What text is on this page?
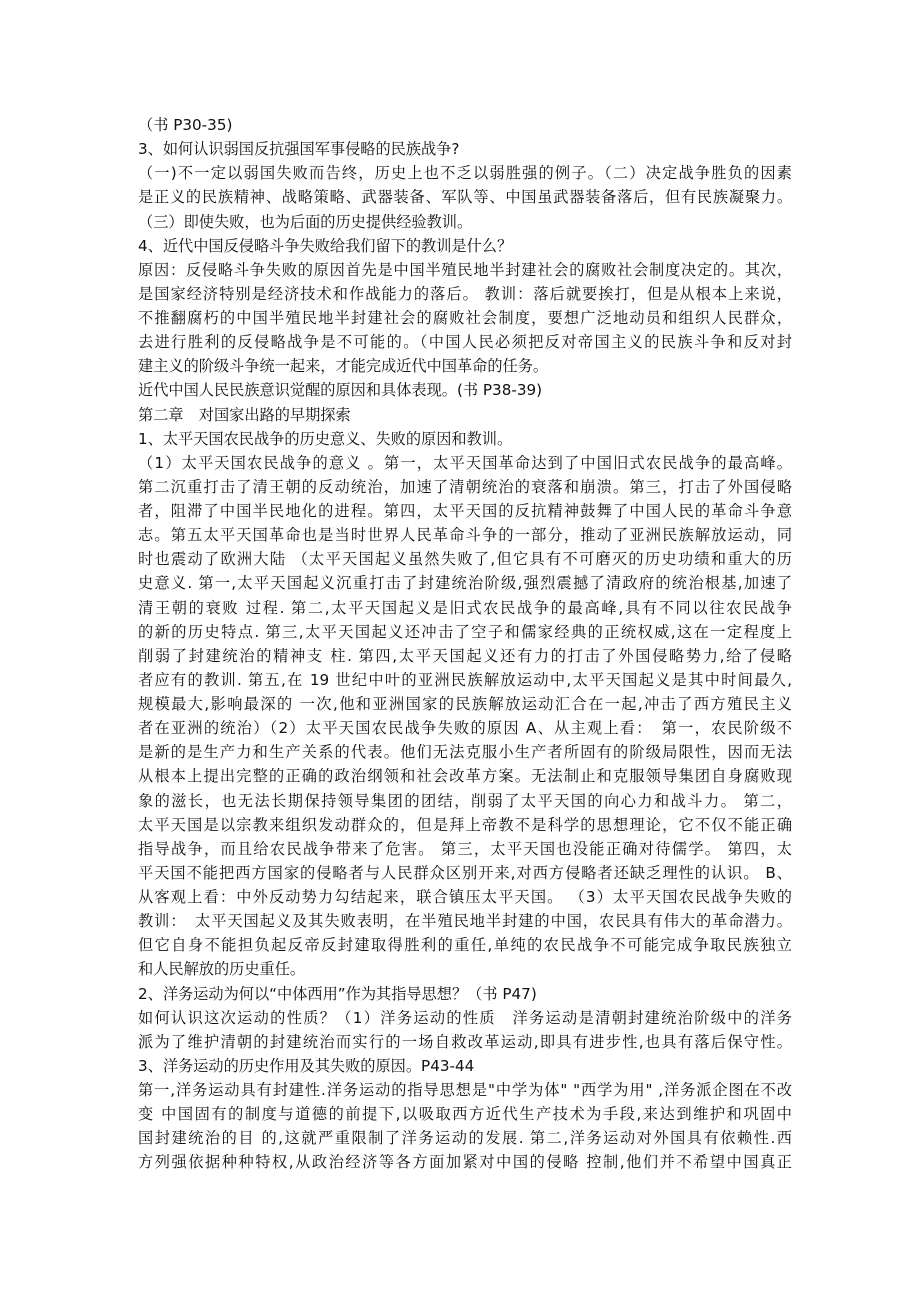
（书 P30-35)
3、如何认识弱国反抗强国军事侵略的民族战争?
（一)不一定以弱国失败而告终，历史上也不乏以弱胜强的例子。（二）决定战争胜负的因素
是正义的民族精神、战略策略、武器装备、军队等、中国虽武器装备落后，但有民族凝聚力。
（三）即使失败，也为后面的历史提供经验教训。
4、近代中国反侵略斗争失败给我们留下的教训是什么？
原因：反侵略斗争失败的原因首先是中国半殖民地半封建社会的腐败社会制度决定的。其次，
是国家经济特别是经济技术和作战能力的落后。 教训：落后就要挨打，但是从根本上来说，
不推翻腐朽的中国半殖民地半封建社会的腐败社会制度，要想广泛地动员和组织人民群众，
去进行胜利的反侵略战争是不可能的。（中国人民必须把反对帝国主义的民族斗争和反对封
建主义的阶级斗争统一起来，才能完成近代中国革命的任务。
近代中国人民民族意识觉醒的原因和具体表现。(书 P38-39)
第二章　对国家出路的早期探索
1、太平天国农民战争的历史意义、失败的原因和教训。
（1）太平天国农民战争的意义 。第一，太平天国革命达到了中国旧式农民战争的最高峰。
第二沉重打击了清王朝的反动统治，加速了清朝统治的衰落和崩溃。第三，打击了外国侵略
者，阻滞了中国半民地化的进程。第四，太平天国的反抗精神鼓舞了中国人民的革命斗争意
志。第五太平天国革命也是当时世界人民革命斗争的一部分，推动了亚洲民族解放运动，同
时也震动了欧洲大陆 （太平天国起义虽然失败了,但它具有不可磨灭的历史功绩和重大的历
史意义. 第一,太平天国起义沉重打击了封建统治阶级,强烈震撼了清政府的统治根基,加速了
清王朝的衰败 过程. 第二,太平天国起义是旧式农民战争的最高峰,具有不同以往农民战争
的新的历史特点. 第三,太平天国起义还冲击了空子和儒家经典的正统权威,这在一定程度上
削弱了封建统治的精神支 柱. 第四,太平天国起义还有力的打击了外国侵略势力,给了侵略
者应有的教训. 第五,在 19 世纪中叶的亚洲民族解放运动中,太平天国起义是其中时间最久,
规模最大,影响最深的 一次,他和亚洲国家的民族解放运动汇合在一起,冲击了西方殖民主义
者在亚洲的统治）（2）太平天国农民战争失败的原因 A、从主观上看：　第一，农民阶级不
是新的是生产力和生产关系的代表。他们无法克服小生产者所固有的阶级局限性，因而无法
从根本上提出完整的正确的政治纲领和社会改革方案。无法制止和克服领导集团自身腐败现
象的滋长，也无法长期保持领导集团的团结，削弱了太平天国的向心力和战斗力。 第二，
太平天国是以宗教来组织发动群众的，但是拜上帝教不是科学的思想理论，它不仅不能正确
指导战争，而且给农民战争带来了危害。 第三，太平天国也没能正确对待儒学。 第四，太
平天国不能把西方国家的侵略者与人民群众区别开来,对西方侵略者还缺乏理性的认识。 B、
从客观上看：中外反动势力勾结起来，联合镇压太平天国。 （3）太平天国农民战争失败的
教训：　太平天国起义及其失败表明，在半殖民地半封建的中国，农民具有伟大的革命潜力。
但它自身不能担负起反帝反封建取得胜利的重任,单纯的农民战争不可能完成争取民族独立
和人民解放的历史重任。
2、洋务运动为何以“中体西用”作为其指导思想？（书 P47)
如何认识这次运动的性质？（1）洋务运动的性质　洋务运动是清朝封建统治阶级中的洋务
派为了维护清朝的封建统治而实行的一场自救改革运动,即具有进步性,也具有落后保守性。
3、洋务运动的历史作用及其失败的原因。P43-44
第一,洋务运动具有封建性.洋务运动的指导思想是"中学为体" "西学为用" ,洋务派企图在不改
变 中国固有的制度与道德的前提下,以吸取西方近代生产技术为手段,来达到维护和巩固中
国封建统治的目 的,这就严重限制了洋务运动的发展. 第二,洋务运动对外国具有依赖性.西
方列强依据种种特权,从政治经济等各方面加紧对中国的侵略 控制,他们并不希望中国真正
